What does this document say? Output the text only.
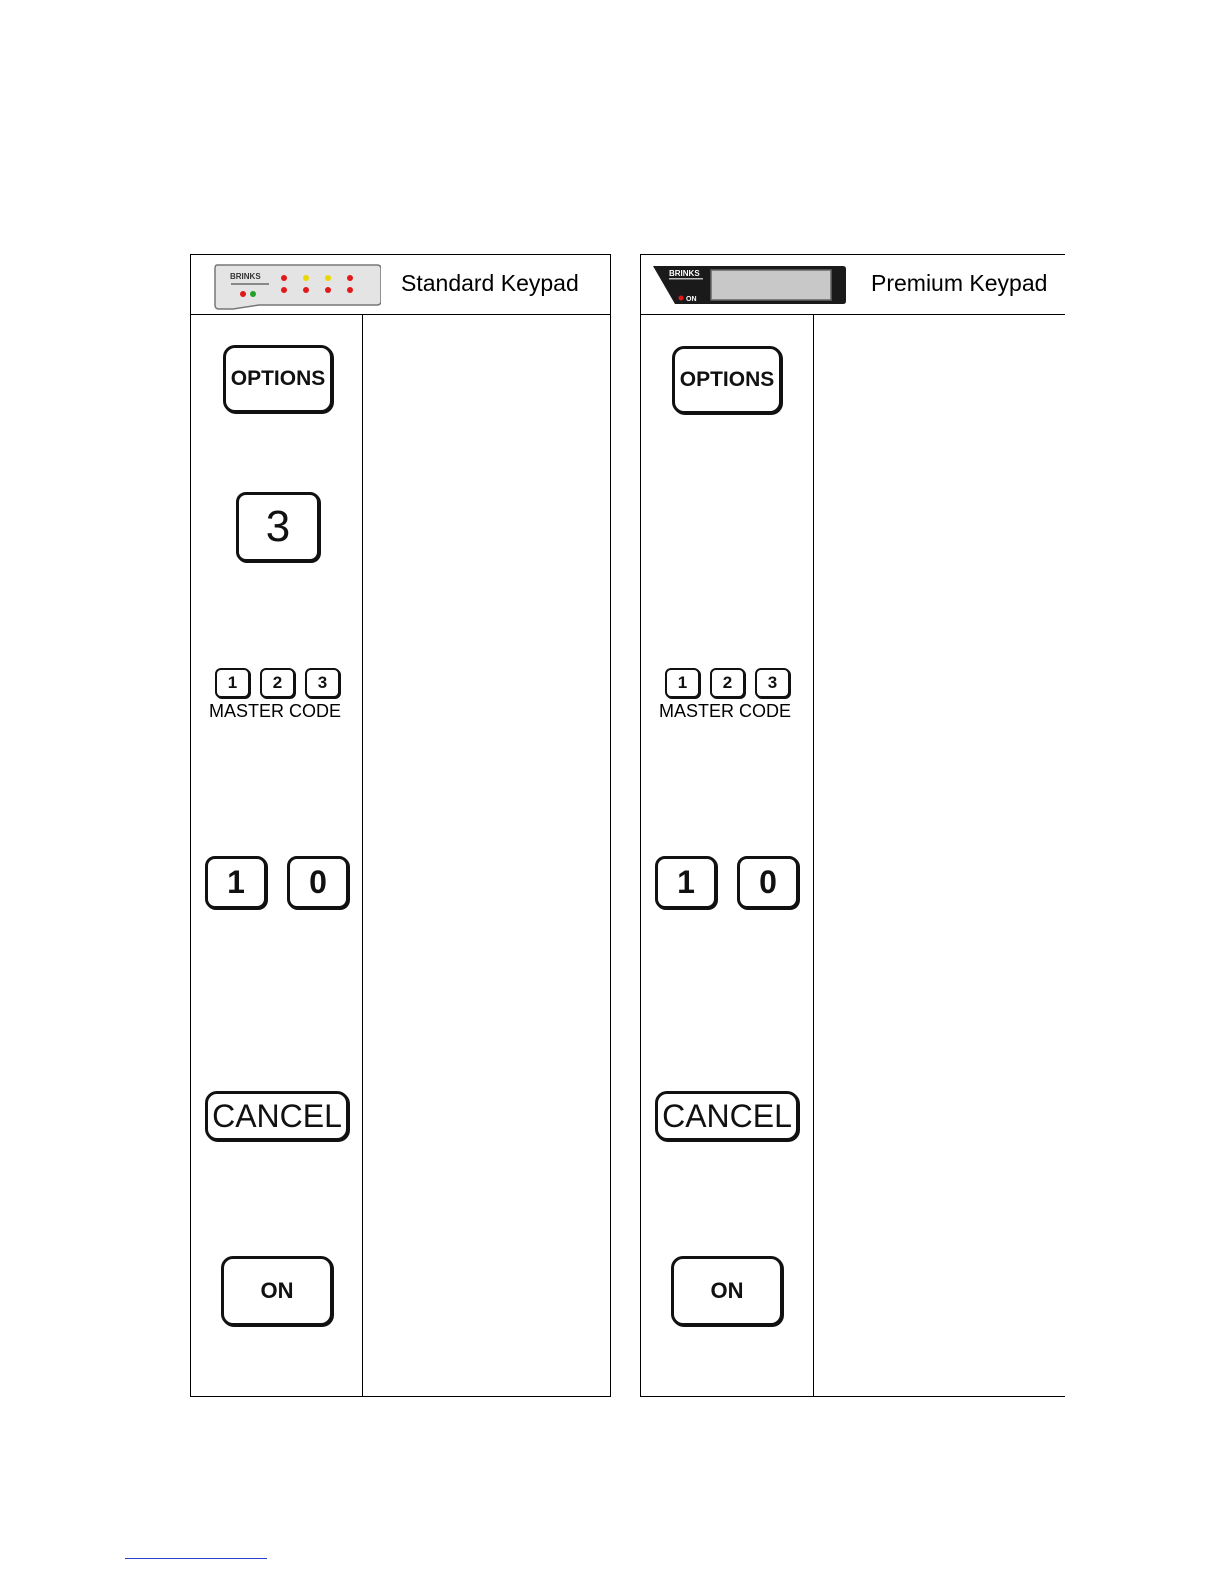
BRINKS	Standard Keypad
OPTIONS
3
1	2	3
MASTER CODE
1	0
CANCEL
ON
BRINKS
ON
Premium Keypad
OPTIONS
1	2	3
MASTER CODE
1	0
CANCEL
ON
